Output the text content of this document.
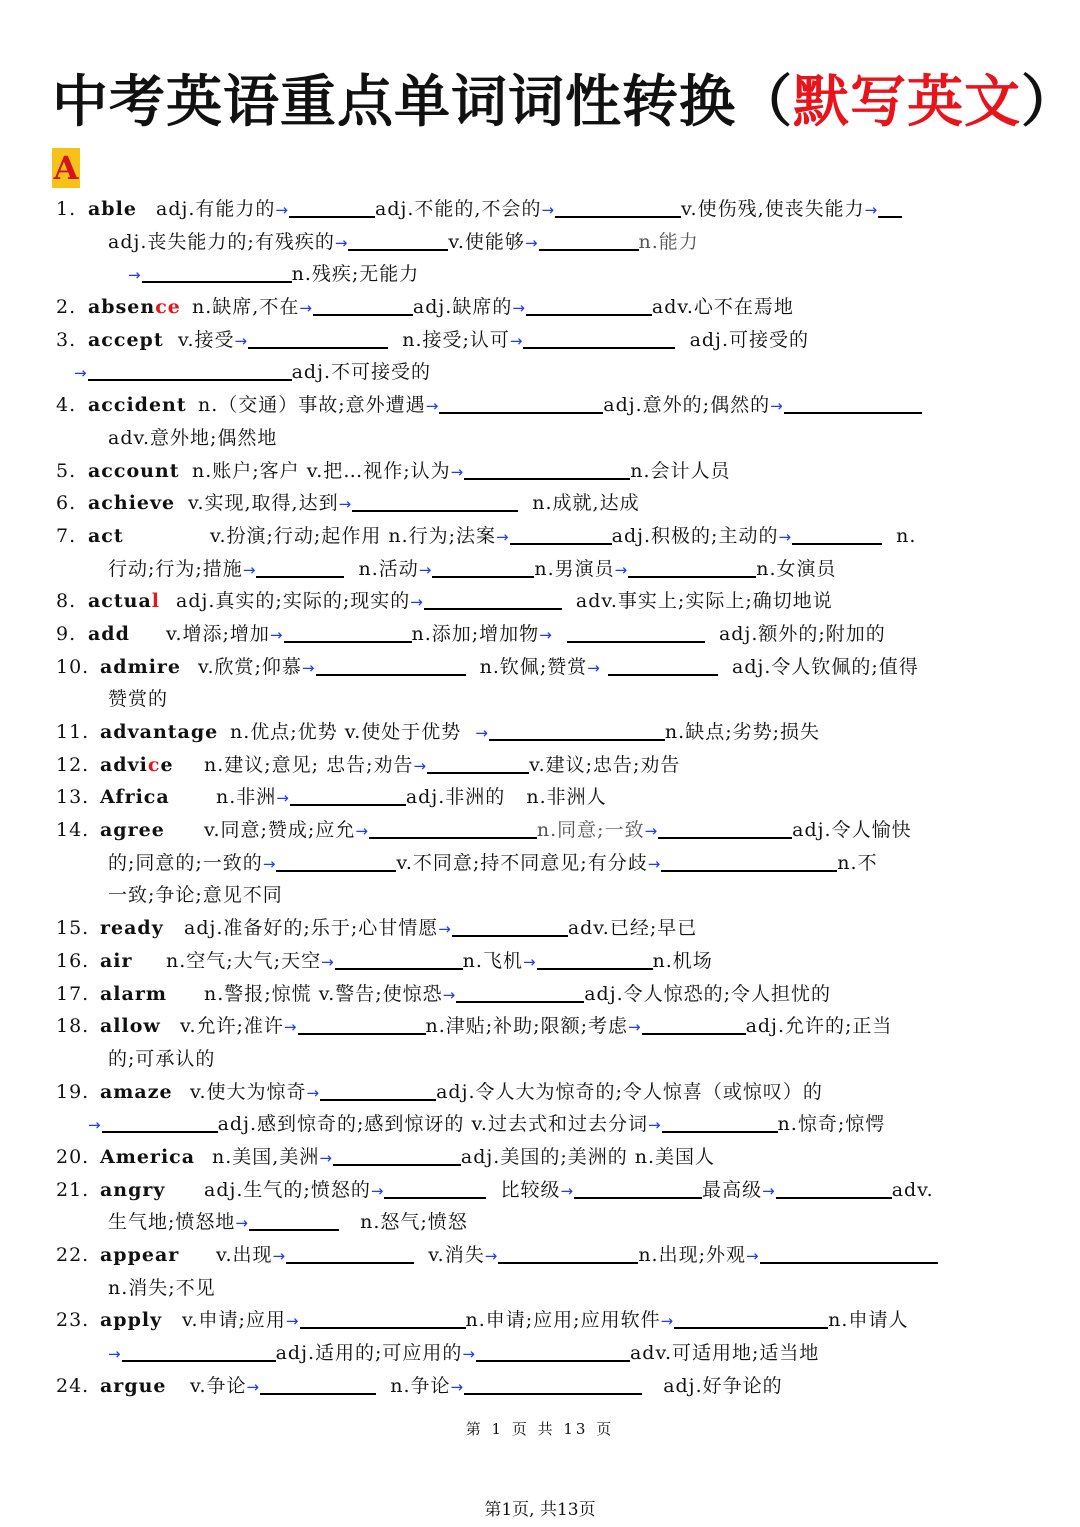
中考英语重点单词词性转换（默写英文）
A
1. able adj.有能力的→	adj.不能的,不会的→	v.使伤残,使丧失能力→
adj.丧失能力的;有残疾的→	v.使能够→	n.能力
→	n.残疾;无能力
2. absence n.缺席,不在→	adj.缺席的→	adv.心不在焉地
3. accept v.接受→	n.接受;认可→	adj.可接受的
→	adj.不可接受的
4. accident n.（交通）事故;意外遭遇→	adj.意外的;偶然的→
adv.意外地;偶然地
5. account n.账户;客户 v.把…视作;认为→	n.会计人员
6. achieve v.实现,取得,达到→	n.成就,达成
7. act	v.扮演;行动;起作用 n.行为;法案→	adj.积极的;主动的→	n.
行动;行为;措施→	n.活动→	n.男演员→	n.女演员
8. actual adj.真实的;实际的;现实的→	adv.事实上;实际上;确切地说
9. add v.增添;增加→	n.添加;增加物→	adj.额外的;附加的
10. admire v.欣赏;仰慕→	n.钦佩;赞赏→	adj.令人钦佩的;值得
赞赏的
11. advantage n.优点;优势 v.使处于优势 →	n.缺点;劣势;损失
12. advice n.建议;意见; 忠告;劝告→	v.建议;忠告;劝告
13. Africa n.非洲→	adj.非洲的 n.非洲人
14. agree v.同意;赞成;应允→	n.同意;一致→	adj.令人愉快
的;同意的;一致的→	v.不同意;持不同意见;有分歧→	n.不
一致;争论;意见不同
15. ready adj.准备好的;乐于;心甘情愿→	adv.已经;早已
16. air n.空气;大气;天空→	n.飞机→	n.机场
17. alarm n.警报;惊慌 v.警告;使惊恐→	adj.令人惊恐的;令人担忧的
18. allow v.允许;准许→	n.津贴;补助;限额;考虑→	adj.允许的;正当
的;可承认的
19. amaze v.使大为惊奇→	adj.令人大为惊奇的;令人惊喜（或惊叹）的
→	adj.感到惊奇的;感到惊讶的 v.过去式和过去分词→	n.惊奇;惊愕
20. America n.美国,美洲→	adj.美国的;美洲的 n.美国人
21. angry adj.生气的;愤怒的→	比较级→	最高级→	adv.
生气地;愤怒地→	n.怒气;愤怒
22. appear v.出现→	v.消失→	n.出现;外观→
n.消失;不见
23. apply v.申请;应用→	n.申请;应用;应用软件→	n.申请人
→	adj.适用的;可应用的→	adv.可适用地;适当地
24. argue v.争论→	n.争论→	adj.好争论的
第 1 页 共 13 页
第1页, 共13页
